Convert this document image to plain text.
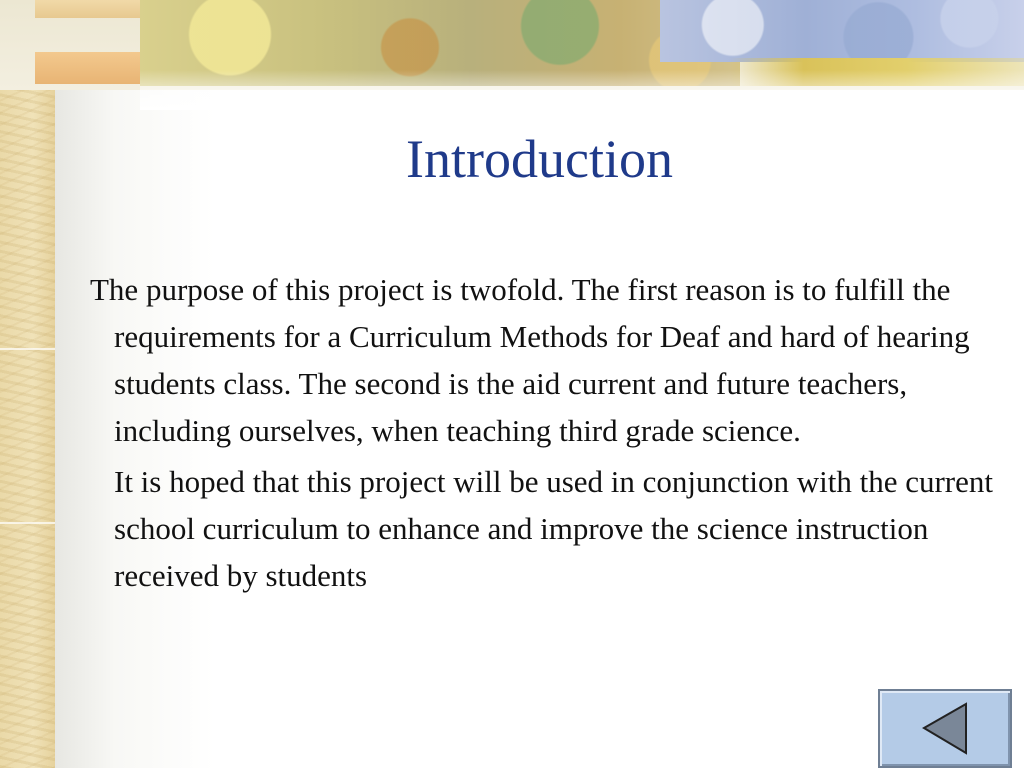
Introduction

The purpose of this project is twofold. The first reason is to fulfill the requirements for a Curriculum Methods for Deaf and hard of hearing students class. The second is the aid current and future teachers, including ourselves, when teaching third grade science.

It is hoped that this project will be used in conjunction with the current school curriculum to enhance and improve the science instruction received by students
